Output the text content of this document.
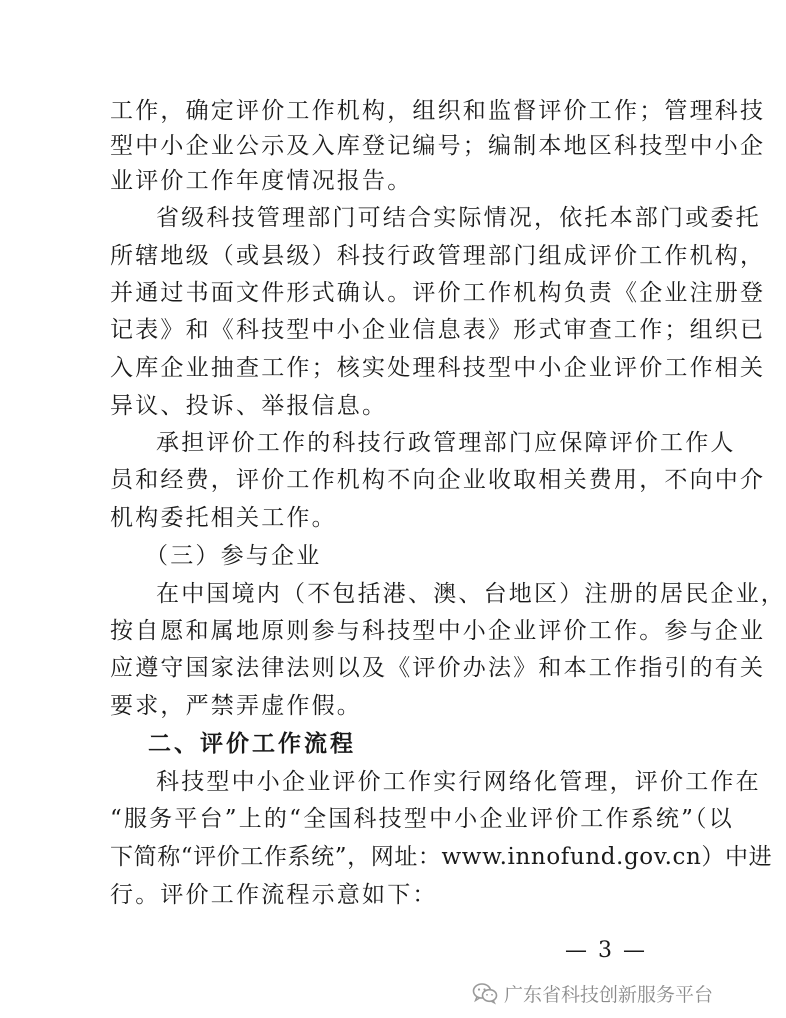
工作，确定评价工作机构，组织和监督评价工作；管理科技
型中小企业公示及入库登记编号；编制本地区科技型中小企
业评价工作年度情况报告。
省级科技管理部门可结合实际情况，依托本部门或委托
所辖地级（或县级）科技行政管理部门组成评价工作机构，
并通过书面文件形式确认。评价工作机构负责《企业注册登
记表》和《科技型中小企业信息表》形式审查工作；组织已
入库企业抽查工作；核实处理科技型中小企业评价工作相关
异议、投诉、举报信息。
承担评价工作的科技行政管理部门应保障评价工作人
员和经费，评价工作机构不向企业收取相关费用，不向中介
机构委托相关工作。
（三）参与企业
在中国境内（不包括港、澳、台地区）注册的居民企业，
按自愿和属地原则参与科技型中小企业评价工作。参与企业
应遵守国家法律法则以及《评价办法》和本工作指引的有关
要求，严禁弄虚作假。
二、评价工作流程
科技型中小企业评价工作实行网络化管理，评价工作在
“服务平台”上的“全国科技型中小企业评价工作系统”（以
下简称“评价工作系统”，网址：www.innofund.gov.cn）中进
行。评价工作流程示意如下：
— 3 —
广东省科技创新服务平台
